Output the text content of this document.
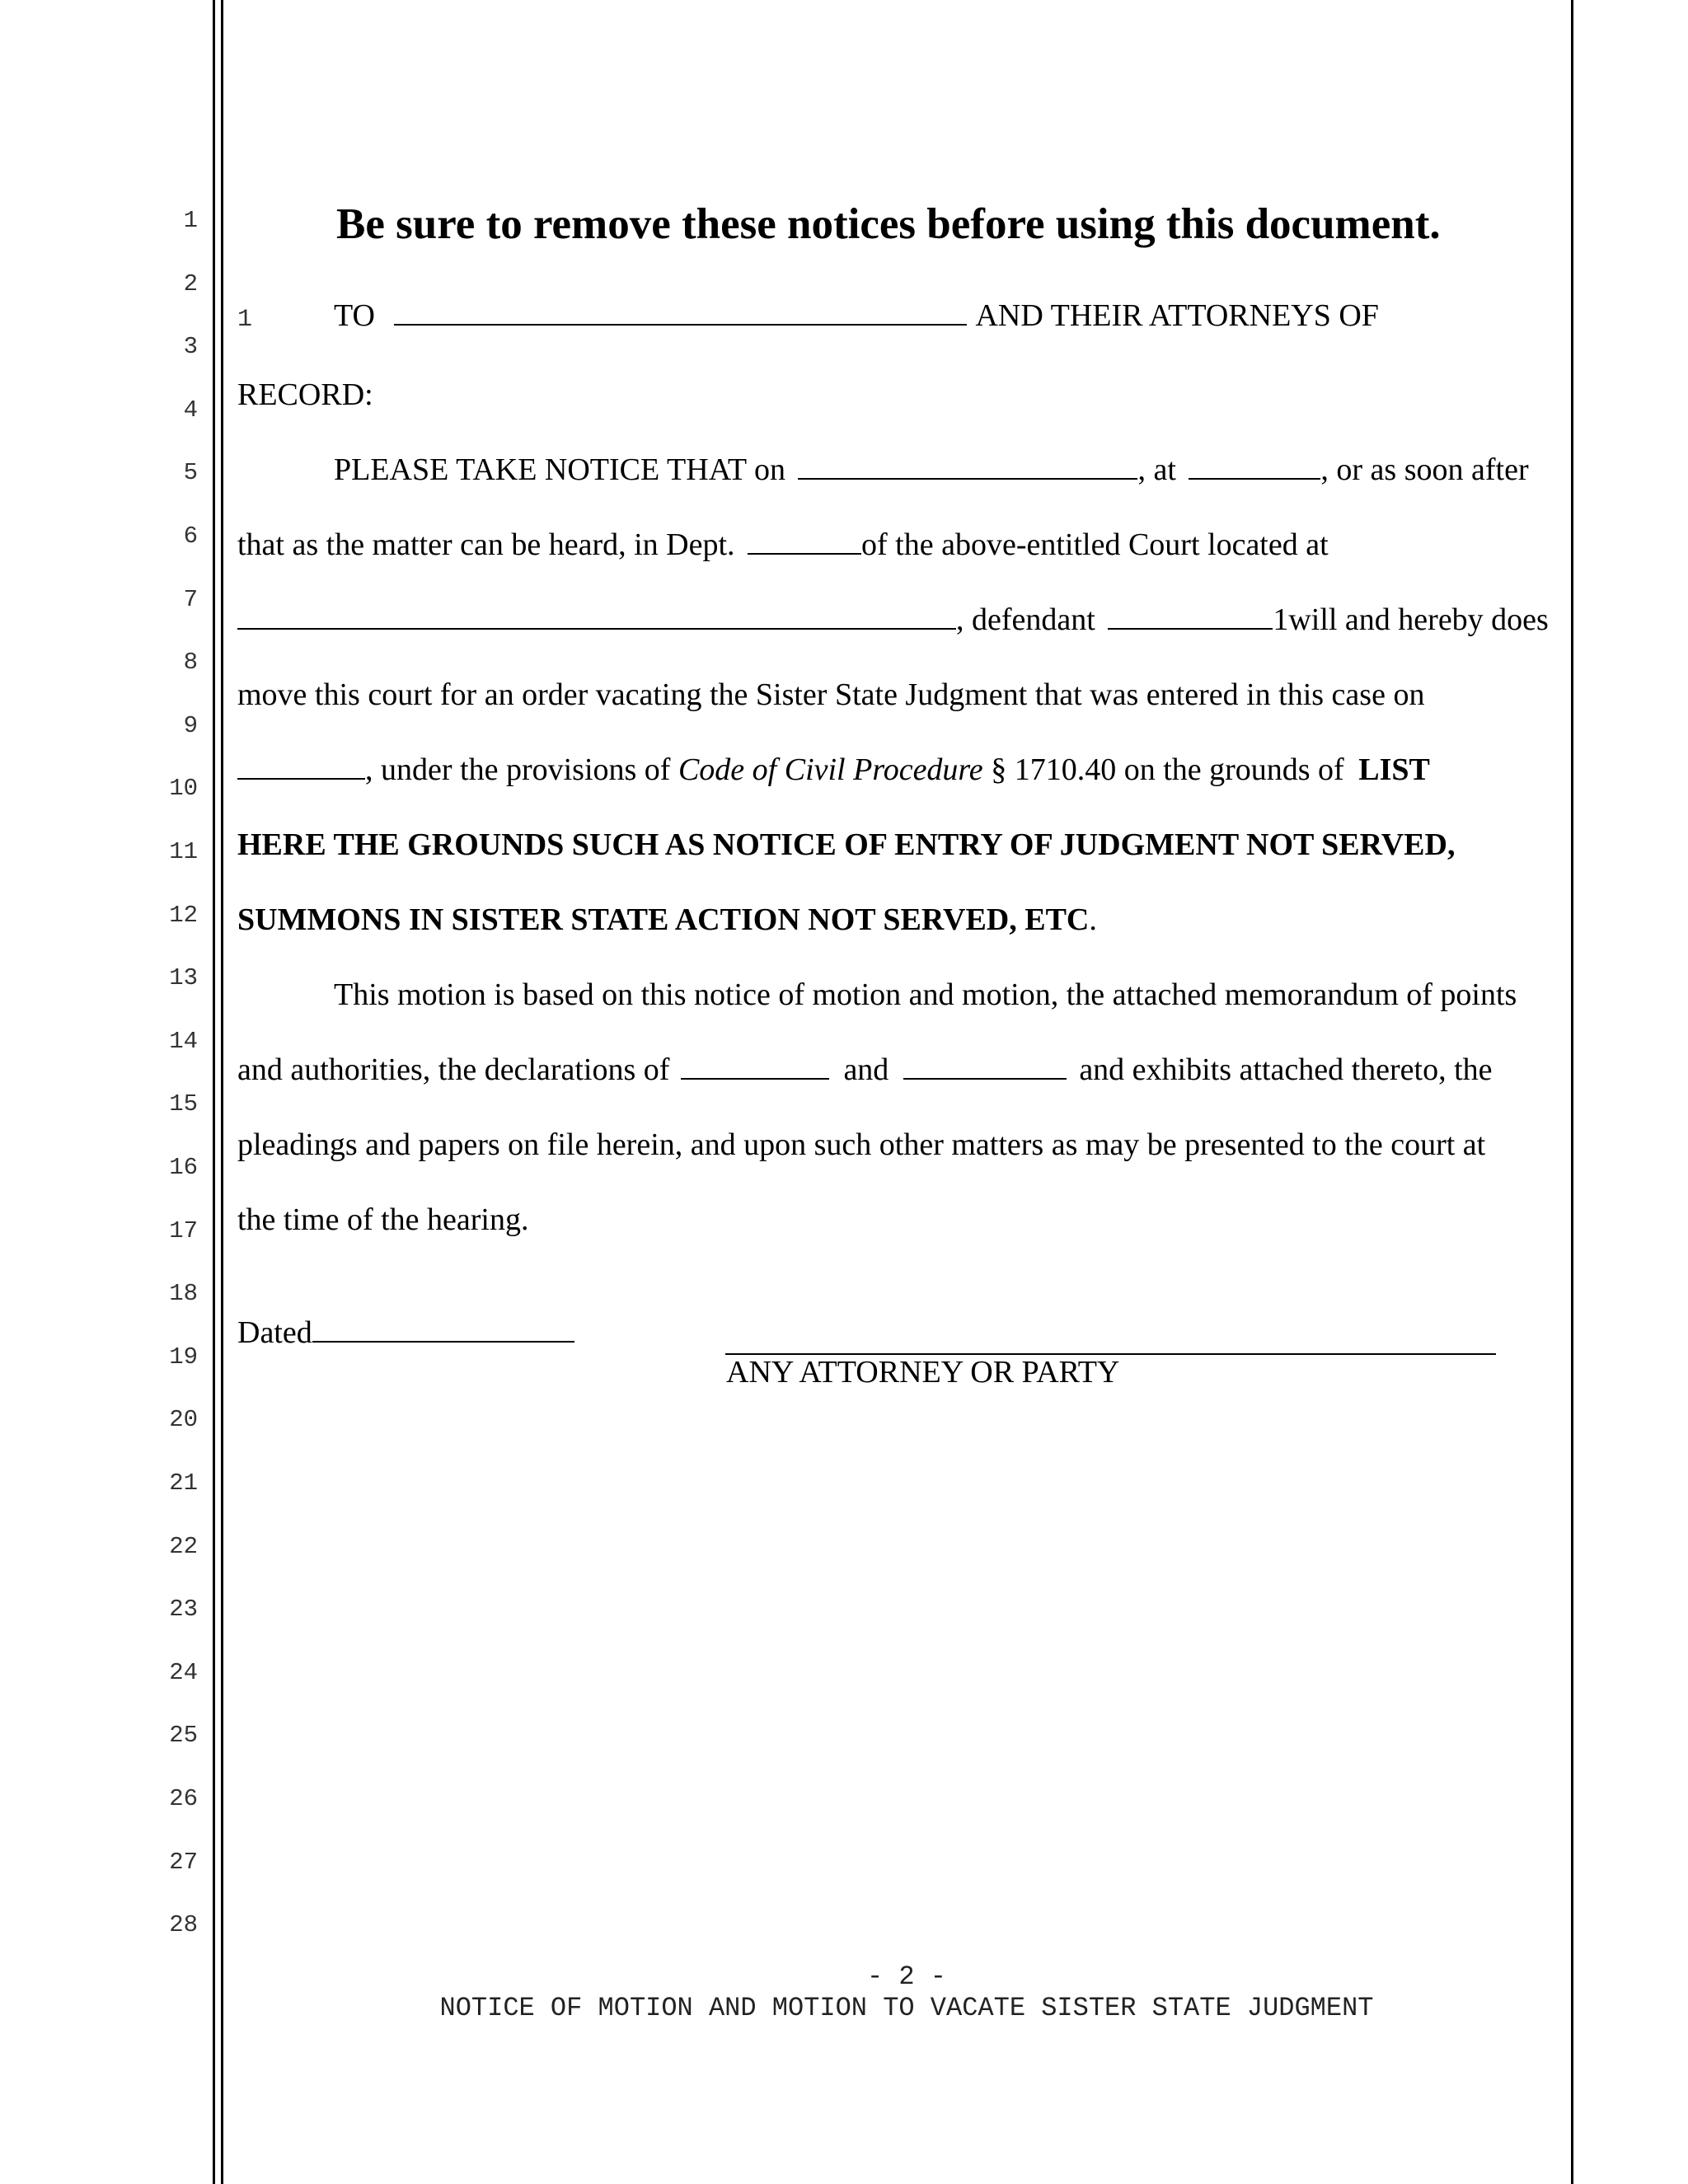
1
2
3
4
5
6
7
8
9
10
11
12
13
14
15
16
17
18
19
20
21
22
23
24
25
26
27
28
Be sure to remove these notices before using this document.
1	TO	AND THEIR ATTORNEYS OF
RECORD:
PLEASE TAKE NOTICE THAT on	, at	, or as soon after
that as the matter can be heard, in Dept.	of the above-entitled Court located at
, defendant	1will and hereby does
move this court for an order vacating the Sister State Judgment that was entered in this case on
, under the provisions of Code of Civil Procedure § 1710.40 on the grounds of LIST
HERE THE GROUNDS SUCH AS NOTICE OF ENTRY OF JUDGMENT NOT SERVED,
SUMMONS IN SISTER STATE ACTION NOT SERVED, ETC.
This motion is based on this notice of motion and motion, the attached memorandum of points
and authorities, the declarations of	and	and exhibits attached thereto, the
pleadings and papers on file herein, and upon such other matters as may be presented to the court at
the time of the hearing.
Dated
ANY ATTORNEY OR PARTY
- 2 -
NOTICE OF MOTION AND MOTION TO VACATE SISTER STATE JUDGMENT
